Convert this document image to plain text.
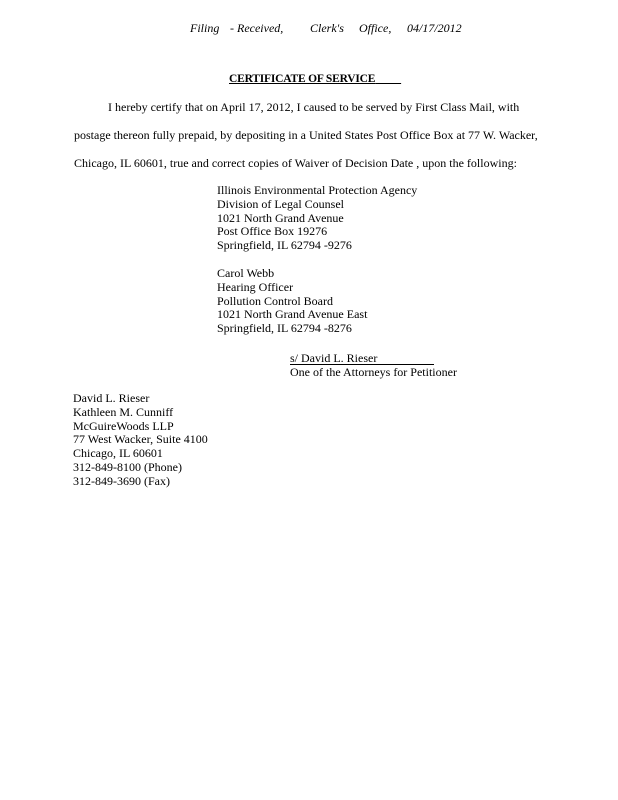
Filing - Received, Clerk's Office, 04/17/2012
CERTIFICATE OF SERVICE
I hereby certify that on April 17, 2012, I caused to be served by First Class Mail, with
postage thereon fully prepaid, by depositing in a United States Post Office Box at 77 W. Wacker,
Chicago, IL 60601, true and correct copies of Waiver of Decision Date , upon the following:
Illinois Environmental Protection Agency
Division of Legal Counsel
1021 North Grand Avenue
Post Office Box 19276
Springfield, IL 62794 -9276
Carol Webb
Hearing Officer
Pollution Control Board
1021 North Grand Avenue East
Springfield, IL 62794 -8276
s/ David L. Rieser
One of the Attorneys for Petitioner
David L. Rieser
Kathleen M. Cunniff
McGuireWoods LLP
77 West Wacker, Suite 4100
Chicago, IL 60601
312-849-8100 (Phone)
312-849-3690 (Fax)
